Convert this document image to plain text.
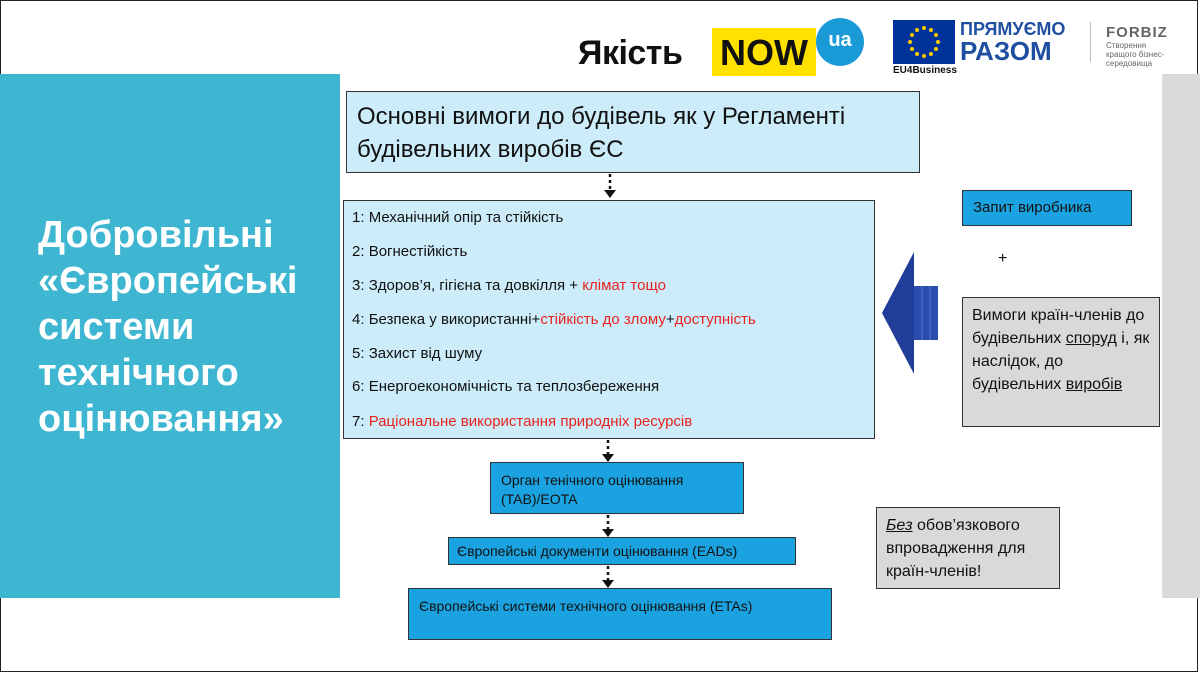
Добровільні
«Європейські
системи
технічного
оцінювання»
Якість NOW	ua
EU4Business
ПРЯМУЄМО
РАЗОМ
FORBIZ
Створення кращого бізнес-середовища
Основні вимоги до будівель як у Регламенті будівельних виробів ЄС
1: Механічний опір та стійкість
2: Вогнестійкість
3: Здоров’я, гігієна та довкілля + клімат тощо
4: Безпека у використанні+стійкість до злому+доступність
5: Захист від шуму
6: Енергоекономічність та теплозбереження
7: Раціональне використання природніх ресурсів
Орган тенічного оцінювання (TAB)/EOTA
Європейські документи оцінювання (EADs)
Європейські системи технічного оцінювання (ETAs)
Запит виробника
+
Вимоги країн-членів до будівельних споруд і, як наслідок, до будівельних виробів
Без обов’язкового впровадження для країн-членів!
